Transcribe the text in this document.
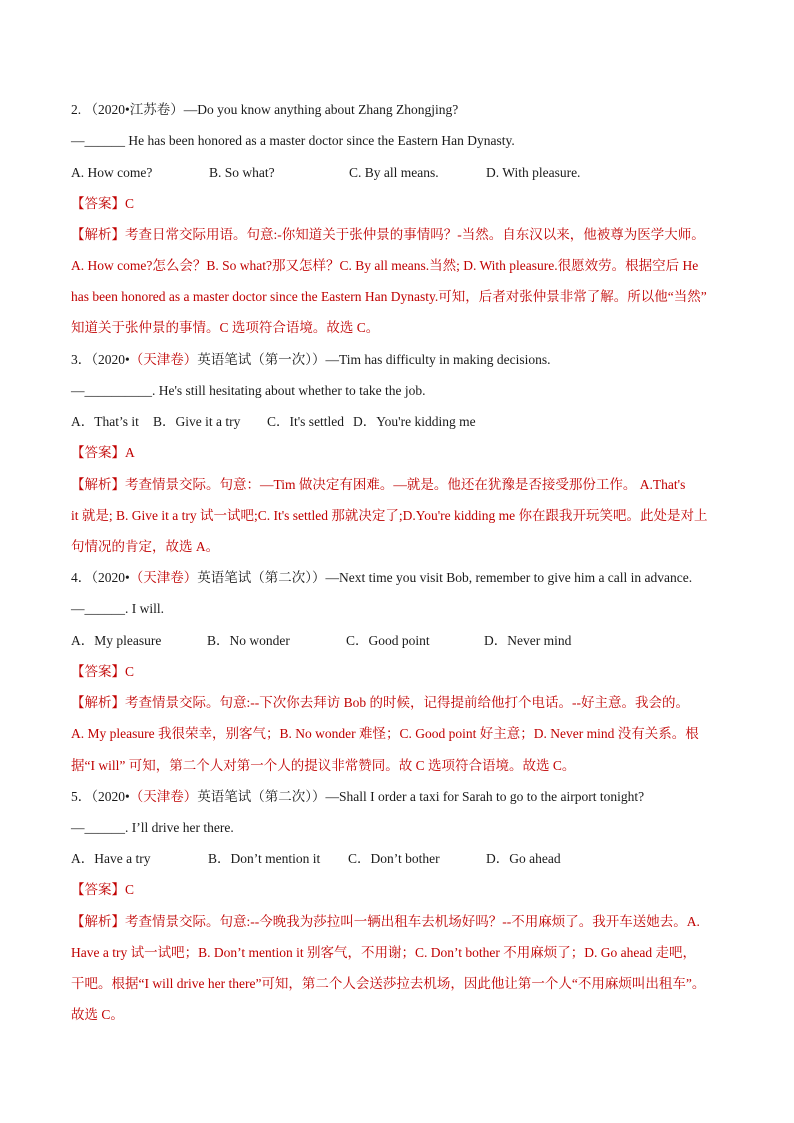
2. （2020•江苏卷）—Do you know anything about Zhang Zhongjing?
—______ He has been honored as a master doctor since the Eastern Han Dynasty.
A. How come?	B. So what?	C. By all means.	D. With pleasure.
【答案】C
【解析】考查日常交际用语。句意:-你知道关于张仲景的事情吗？-当然。自东汉以来，他被尊为医学大师。
A. How come?怎么会？B. So what?那又怎样？C. By all means.当然; D. With pleasure.很愿效劳。根据空后 He
has been honored as a master doctor since the Eastern Han Dynasty.可知，后者对张仲景非常了解。所以他“当然”
知道关于张仲景的事情。C 选项符合语境。故选 C。
3．（2020•（天津卷）英语笔试（第一次））—Tim has difficulty in making decisions.
—__________. He's still hesitating about whether to take the job.
A．That’s it B．Give it a try C．It's settled D．You're kidding me
【答案】A
【解析】考查情景交际。句意：—Tim 做决定有困难。—就是。他还在犹豫是否接受那份工作。 A.That's
it 就是; B. Give it a try 试一试吧;C. It's settled 那就决定了;D.You're kidding me 你在跟我开玩笑吧。此处是对上
句情况的肯定，故选 A。
4．（2020•（天津卷）英语笔试（第二次））—Next time you visit Bob, remember to give him a call in advance.
—______. I will.
A．My pleasure	B．No wonder	C．Good point	D．Never mind
【答案】C
【解析】考查情景交际。句意:--下次你去拜访 Bob 的时候，记得提前给他打个电话。--好主意。我会的。
A. My pleasure 我很荣幸，别客气；B. No wonder 难怪；C. Good point 好主意；D. Never mind 没有关系。根
据“I will” 可知，第二个人对第一个人的提议非常赞同。故 C 选项符合语境。故选 C。
5．（2020•（天津卷）英语笔试（第二次））—Shall I order a taxi for Sarah to go to the airport tonight?
—______. I’ll drive her there.
A．Have a try	B．Don’t mention it C．Don’t bother	D．Go ahead
【答案】C
【解析】考查情景交际。句意:--今晚我为莎拉叫一辆出租车去机场好吗？--不用麻烦了。我开车送她去。A.
Have a try 试一试吧；B. Don’t mention it 别客气，不用谢；C. Don’t bother 不用麻烦了；D. Go ahead 走吧，
干吧。根据“I will drive her there”可知，第二个人会送莎拉去机场，因此他让第一个人“不用麻烦叫出租车”。
故选 C。
